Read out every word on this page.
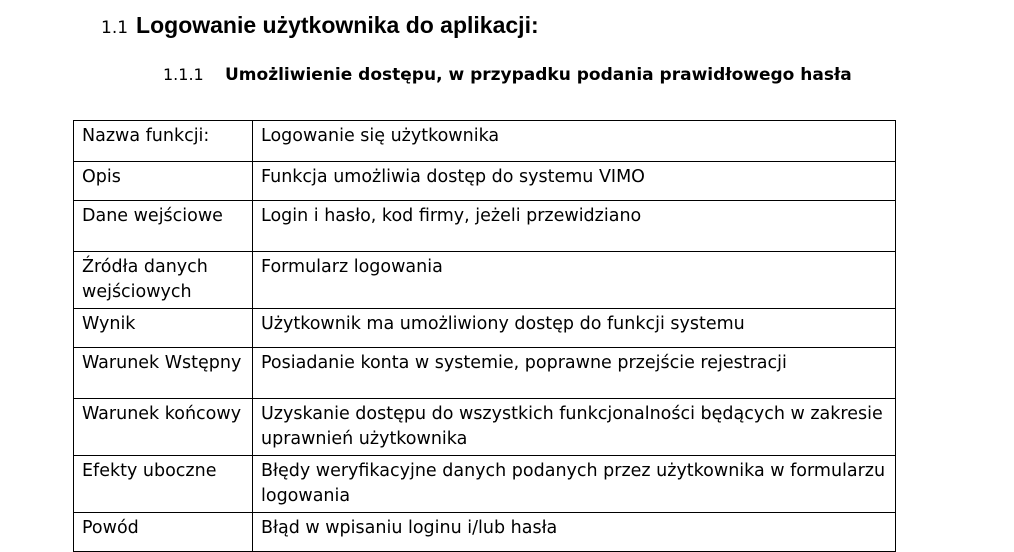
1.1 Logowanie użytkownika do aplikacji:
1.1.1	Umożliwienie dostępu, w przypadku podania prawidłowego hasła
Nazwa funkcji:	Logowanie się użytkownika
Opis	Funkcja umożliwia dostęp do systemu VIMO
Dane wejściowe	Login i hasło, kod firmy, jeżeli przewidziano
Źródła danych wejściowych	Formularz logowania
Wynik	Użytkownik ma umożliwiony dostęp do funkcji systemu
Warunek Wstępny	Posiadanie konta w systemie, poprawne przejście rejestracji
Warunek końcowy	Uzyskanie dostępu do wszystkich funkcjonalności będących w zakresie uprawnień użytkownika
Efekty uboczne	Błędy weryfikacyjne danych podanych przez użytkownika w formularzu logowania
Powód	Błąd w wpisaniu loginu i/lub hasła
